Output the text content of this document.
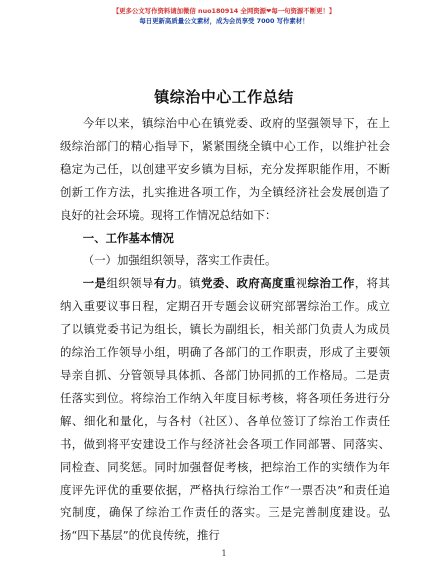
【更多公文写作资料请加微信 nuo180914 全网资源❤每一句资源不断更！】
每日更新高质量公文素材，成为会员享受 7000 写作素材！
镇综治中心工作总结

今年以来，镇综治中心在镇党委、政府的坚强领导下，在上级综治部门的精心指导下，紧紧围绕全镇中心工作，以维护社会稳定为己任，以创建平安乡镇为目标，充分发挥职能作用，不断创新工作方法，扎实推进各项工作，为全镇经济社会发展创造了良好的社会环境。现将工作情况总结如下：

一、工作基本情况

（一）加强组织领导，落实工作责任。

一是组织领导有力。镇党委、政府高度重视综治工作，将其纳入重要议事日程，定期召开专题会议研究部署综治工作。成立了以镇党委书记为组长，镇长为副组长，相关部门负责人为成员的综治工作领导小组，明确了各部门的工作职责，形成了主要领导亲自抓、分管领导具体抓、各部门协同抓的工作格局。二是责任落实到位。将综治工作纳入年度目标考核，将各项任务进行分解、细化和量化，与各村（社区）、各单位签订了综治工作责任书，做到将平安建设工作与经济社会各项工作同部署、同落实、同检查、同奖惩。同时加强督促考核，把综治工作的实绩作为年度评先评优的重要依据，严格执行综治工作“一票否决”和责任追究制度，确保了综治工作责任的落实。三是完善制度建设。弘扬“四下基层”的优良传统，推行

1
